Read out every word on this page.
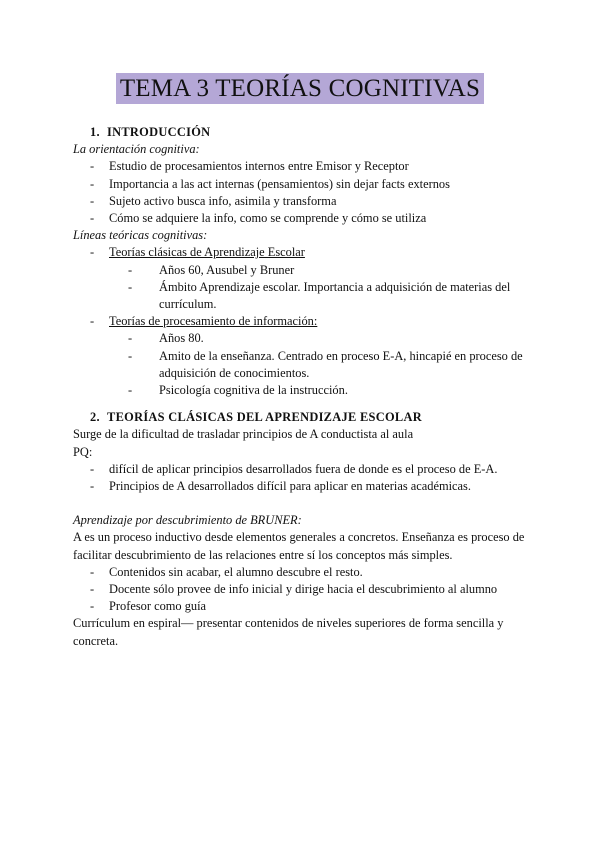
TEMA 3 TEORÍAS COGNITIVAS
1. INTRODUCCIÓN
La orientación cognitiva:
- Estudio de procesamientos internos entre Emisor y Receptor
- Importancia a las act internas (pensamientos) sin dejar facts externos
- Sujeto activo busca info, asimila y transforma
- Cómo se adquiere la info, como se comprende y cómo se utiliza
Líneas teóricas cognitivas:
- Teorías clásicas de Aprendizaje Escolar
- Años 60, Ausubel y Bruner
- Ámbito Aprendizaje escolar. Importancia a adquisición de materias del currículum.
- Teorías de procesamiento de información:
- Años 80.
- Amito de la enseñanza. Centrado en proceso E-A, hincapié en proceso de adquisición de conocimientos.
- Psicología cognitiva de la instrucción.
2. TEORÍAS CLÁSICAS DEL APRENDIZAJE ESCOLAR
Surge de la dificultad de trasladar principios de A conductista al aula
PQ:
- difícil de aplicar principios desarrollados fuera de donde es el proceso de E-A.
- Principios de A desarrollados difícil para aplicar en materias académicas.
Aprendizaje por descubrimiento de BRUNER:
A es un proceso inductivo desde elementos generales a concretos. Enseñanza es proceso de facilitar descubrimiento de las relaciones entre sí los conceptos más simples.
- Contenidos sin acabar, el alumno descubre el resto.
- Docente sólo provee de info inicial y dirige hacia el descubrimiento al alumno
- Profesor como guía
Currículum en espiral— presentar contenidos de niveles superiores de forma sencilla y concreta.
